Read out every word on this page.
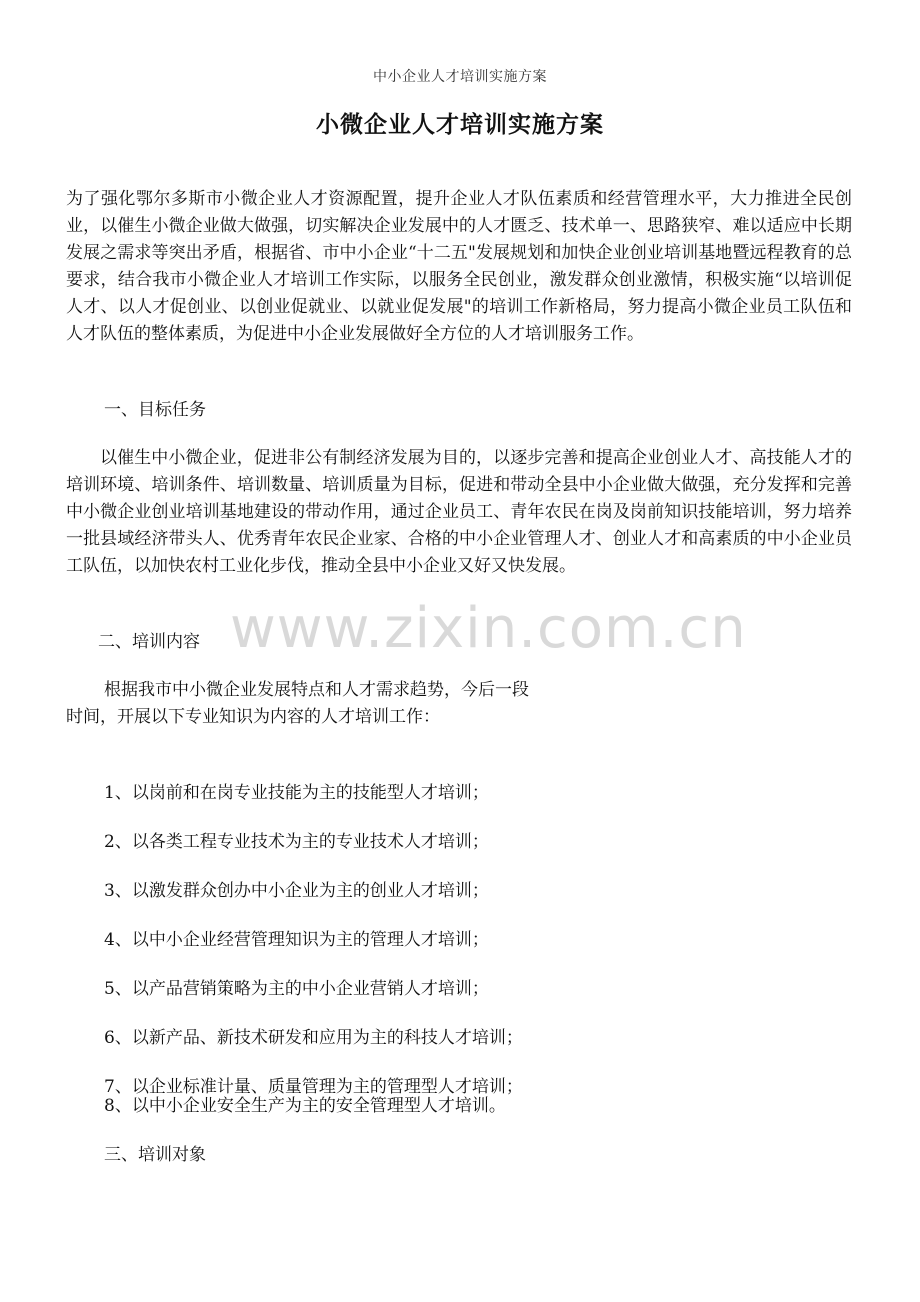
中小企业人才培训实施方案
小微企业人才培训实施方案

为了强化鄂尔多斯市小微企业人才资源配置，提升企业人才队伍素质和经营管理水平，大力推进全民创业，以催生小微企业做大做强，切实解决企业发展中的人才匮乏、技术单一、思路狭窄、难以适应中长期发展之需求等突出矛盾，根据省、市中小企业“十二五"发展规划和加快企业创业培训基地暨远程教育的总要求，结合我市小微企业人才培训工作实际，以服务全民创业，激发群众创业激情，积极实施“以培训促人才、以人才促创业、以创业促就业、以就业促发展"的培训工作新格局，努力提高小微企业员工队伍和人才队伍的整体素质，为促进中小企业发展做好全方位的人才培训服务工作。

一、目标任务

以催生中小微企业，促进非公有制经济发展为目的，以逐步完善和提高企业创业人才、高技能人才的培训环境、培训条件、培训数量、培训质量为目标，促进和带动全县中小企业做大做强，充分发挥和完善中小微企业创业培训基地建设的带动作用，通过企业员工、青年农民在岗及岗前知识技能培训，努力培养一批县域经济带头人、优秀青年农民企业家、合格的中小企业管理人才、创业人才和高素质的中小企业员工队伍，以加快农村工业化步伐，推动全县中小企业又好又快发展。

二、培训内容 www.zixin.com.cn
根据我市中小微企业发展特点和人才需求趋势，今后一段
时间，开展以下专业知识为内容的人才培训工作：

1、以岗前和在岗专业技能为主的技能型人才培训；

2、以各类工程专业技术为主的专业技术人才培训；

3、以激发群众创办中小企业为主的创业人才培训；

4、以中小企业经营管理知识为主的管理人才培训；

5、以产品营销策略为主的中小企业营销人才培训；

6、以新产品、新技术研发和应用为主的科技人才培训；

7、以企业标准计量、质量管理为主的管理型人才培训；

8、以中小企业安全生产为主的安全管理型人才培训。

三、培训对象
